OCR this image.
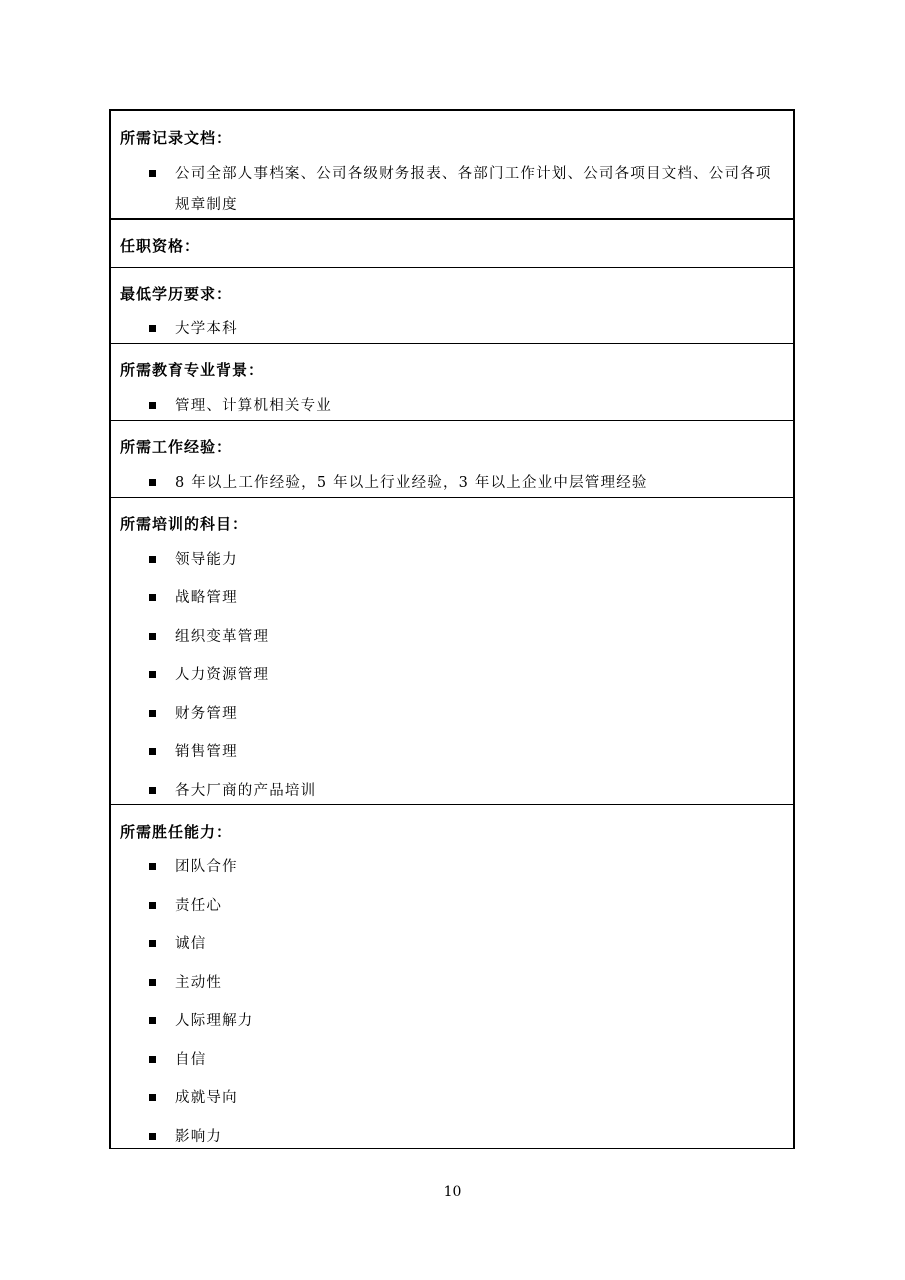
所需记录文档：
公司全部人事档案、公司各级财务报表、各部门工作计划、公司各项目文档、公司各项规章制度
任职资格：
最低学历要求：
大学本科
所需教育专业背景：
管理、计算机相关专业
所需工作经验：
8 年以上工作经验，5 年以上行业经验，3 年以上企业中层管理经验
所需培训的科目：
领导能力
战略管理
组织变革管理
人力资源管理
财务管理
销售管理
各大厂商的产品培训
所需胜任能力：
团队合作
责任心
诚信
主动性
人际理解力
自信
成就导向
影响力
10
